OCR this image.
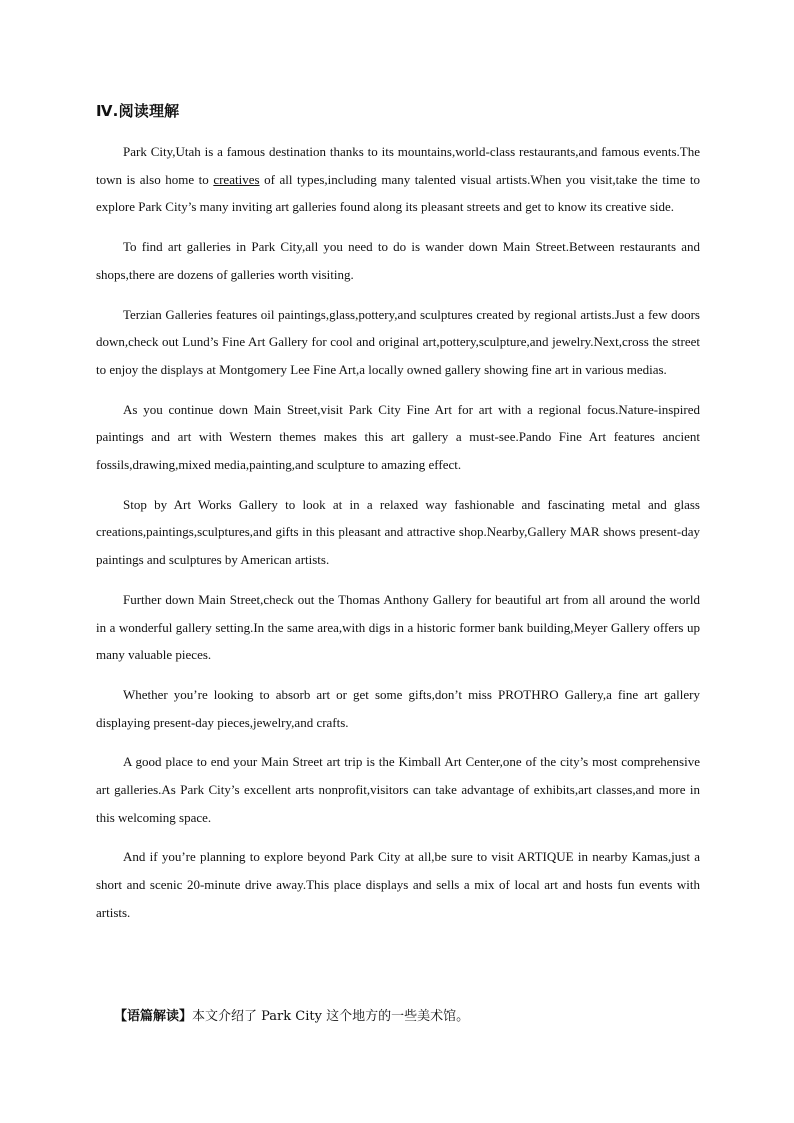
Ⅳ.阅读理解

Park City,Utah is a famous destination thanks to its mountains,world-class restaurants,and famous events.The town is also home to creatives of all types,including many talented visual artists.When you visit,take the time to explore Park City’s many inviting art galleries found along its pleasant streets and get to know its creative side.

To find art galleries in Park City,all you need to do is wander down Main Street.Between restaurants and shops,there are dozens of galleries worth visiting.

Terzian Galleries features oil paintings,glass,pottery,and sculptures created by regional artists.Just a few doors down,check out Lund’s Fine Art Gallery for cool and original art,pottery,sculpture,and jewelry.Next,cross the street to enjoy the displays at Montgomery Lee Fine Art,a locally owned gallery showing fine art in various medias.

As you continue down Main Street,visit Park City Fine Art for art with a regional focus.Nature-inspired paintings and art with Western themes makes this art gallery a must-see.Pando Fine Art features ancient fossils,drawing,mixed media,painting,and sculpture to amazing effect.

Stop by Art Works Gallery to look at in a relaxed way fashionable and fascinating metal and glass creations,paintings,sculptures,and gifts in this pleasant and attractive shop.Nearby,Gallery MAR shows present-day paintings and sculptures by American artists.

Further down Main Street,check out the Thomas Anthony Gallery for beautiful art from all around the world in a wonderful gallery setting.In the same area,with digs in a historic former bank building,Meyer Gallery offers up many valuable pieces.

Whether you’re looking to absorb art or get some gifts,don’t miss PROTHRO Gallery,a fine art gallery displaying present-day pieces,jewelry,and crafts.

A good place to end your Main Street art trip is the Kimball Art Center,one of the city’s most comprehensive art galleries.As Park City’s excellent arts nonprofit,visitors can take advantage of exhibits,art classes,and more in this welcoming space.

And if you’re planning to explore beyond Park City at all,be sure to visit ARTIQUE in nearby Kamas,just a short and scenic 20-minute drive away.This place displays and sells a mix of local art and hosts fun events with artists.

【语篇解读】本文介绍了 Park City 这个地方的一些美术馆。
